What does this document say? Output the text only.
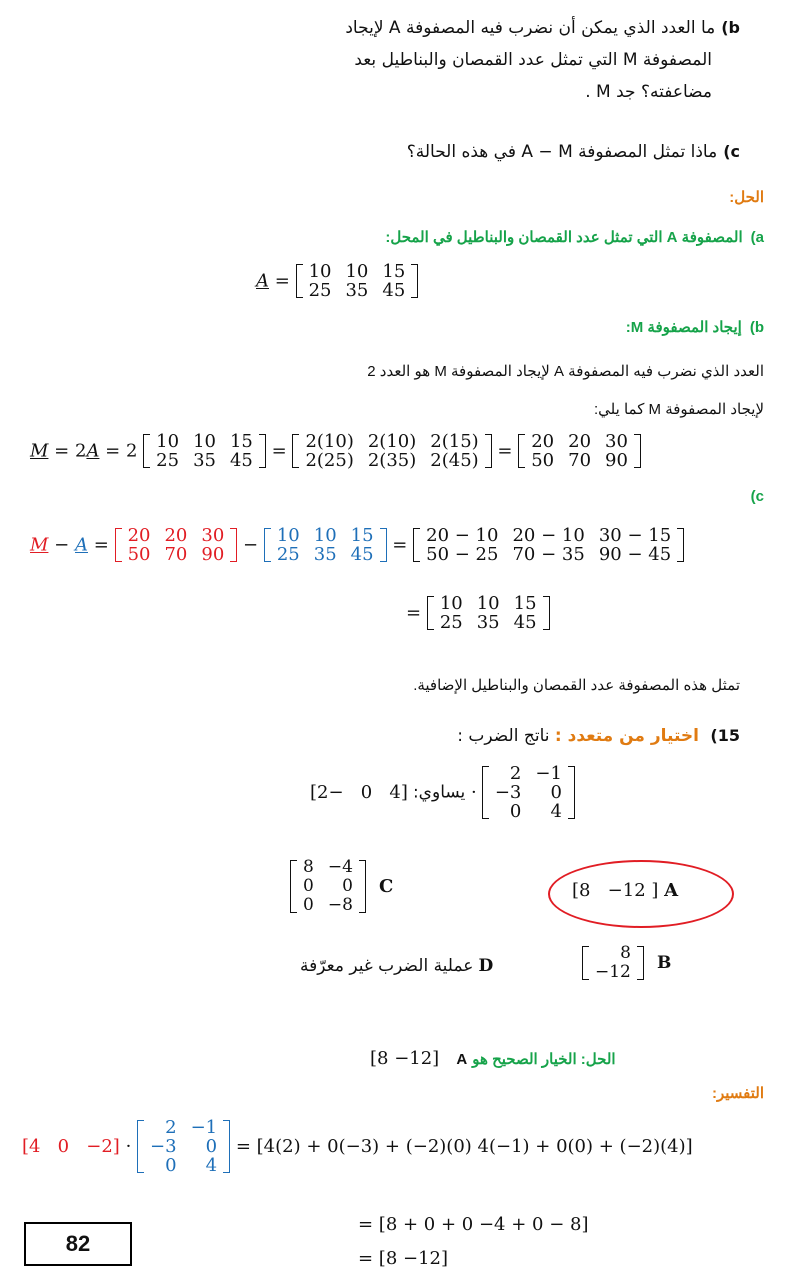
b)ما العدد الذي يمكن أن نضرب فيه المصفوفة A لإيجاد
المصفوفة M التي تمثل عدد القمصان والبناطيل بعد
مضاعفته؟ جد M .
c)ماذا تمثل المصفوفة A − M في هذه الحالة؟
الحل:
a)المصفوفة A التي تمثل عدد القمصان والبناطيل في المحل:
A = 10	10	15
25	35	45
b)إيجاد المصفوفة M:
العدد الذي نضرب فيه المصفوفة A لإيجاد المصفوفة M هو العدد 2
لإيجاد المصفوفة M كما يلي:
M = 2A = 2 10	10	15
25	35	45 = 2(10)	2(10)	2(15)
2(25)	2(35)	2(45) = 20	20	30
50	70	90
(c
M − A = 20	20	30
50	70	90 − 10	10	15
25	35	45 = 20 − 10	20 − 10	30 − 15
50 − 25	70 − 35	90 − 45
= 10	10	15
25	35	45
تمثل هذه المصفوفة عدد القمصان والبناطيل الإضافية.
15) اختيار من متعدد : ناتج الضرب :
يساوي: [4   0   −2] ·
2	−1
−3	0
0	4
8	−4
0	0
0	−8
C	[8 −12 ] A
D عملية الضرب غير معرّفة
8
−12 B
[8 −12] A الحل: الخيار الصحيح هو
التفسير:
[4   0   −2] ·
2	−1
−3	0
0	4
= [4(2) + 0(−3) + (−2)(0) 4(−1) + 0(0) + (−2)(4)]
82
= [8 + 0 + 0 −4 + 0 − 8]
= [8 −12]
